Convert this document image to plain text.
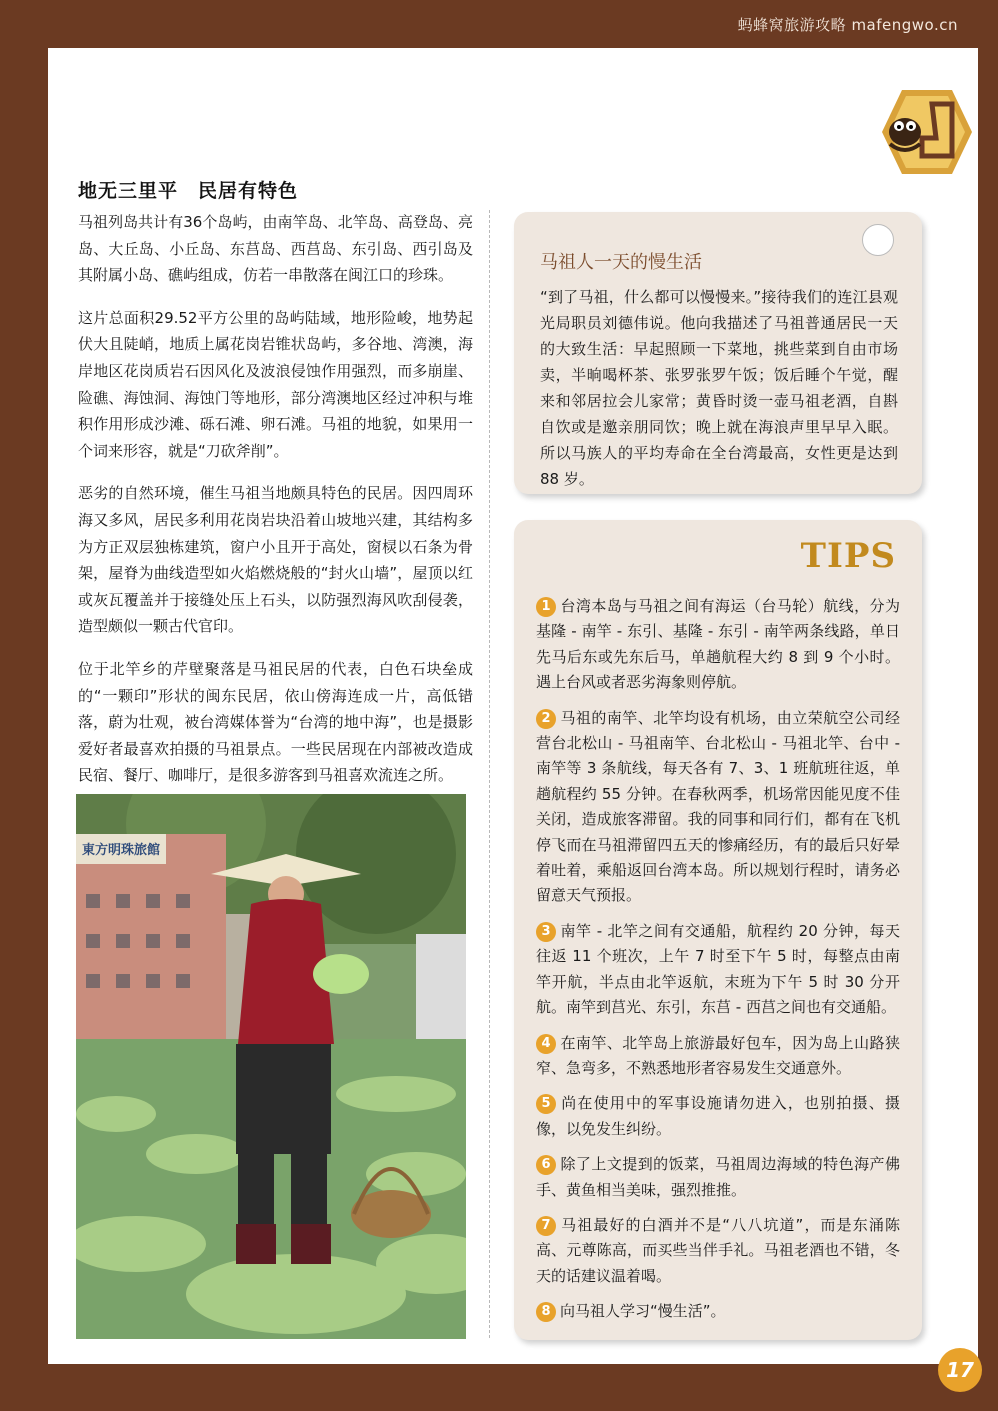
蚂蜂窝旅游攻略 mafengwo.cn
地无三里平　民居有特色

马祖列岛共计有36个岛屿，由南竿岛、北竿岛、高登岛、亮岛、大丘岛、小丘岛、东莒岛、西莒岛、东引岛、西引岛及其附属小岛、礁屿组成，仿若一串散落在闽江口的珍珠。

这片总面积29.52平方公里的岛屿陆域，地形险峻，地势起伏大且陡峭，地质上属花岗岩锥状岛屿，多谷地、湾澳，海岸地区花岗质岩石因风化及波浪侵蚀作用强烈，而多崩崖、险礁、海蚀洞、海蚀门等地形，部分湾澳地区经过冲积与堆积作用形成沙滩、砾石滩、卵石滩。马祖的地貌，如果用一个词来形容，就是“刀砍斧削”。

恶劣的自然环境，催生马祖当地颇具特色的民居。因四周环海又多风，居民多利用花岗岩块沿着山坡地兴建，其结构多为方正双层独栋建筑，窗户小且开于高处，窗棂以石条为骨架，屋脊为曲线造型如火焰燃烧般的“封火山墙”，屋顶以红或灰瓦覆盖并于接缝处压上石头，以防强烈海风吹刮侵袭，造型颇似一颗古代官印。

位于北竿乡的芹壁聚落是马祖民居的代表，白色石块垒成的“一颗印”形状的闽东民居，依山傍海连成一片，高低错落，蔚为壮观，被台湾媒体誉为“台湾的地中海”，也是摄影爱好者最喜欢拍摄的马祖景点。一些民居现在内部被改造成民宿、餐厅、咖啡厅，是很多游客到马祖喜欢流连之所。

東方明珠旅館
马祖人一天的慢生活

“到了马祖，什么都可以慢慢来。”接待我们的连江县观光局职员刘德伟说。他向我描述了马祖普通居民一天的大致生活：早起照顾一下菜地，挑些菜到自由市场卖，半晌喝杯茶、张罗张罗午饭；饭后睡个午觉，醒来和邻居拉会儿家常；黄昏时烫一壶马祖老酒，自斟自饮或是邀亲朋同饮；晚上就在海浪声里早早入眠。所以马族人的平均寿命在全台湾最高，女性更是达到 88 岁。

TIPS

1 台湾本岛与马祖之间有海运（台马轮）航线，分为基隆 - 南竿 - 东引、基隆 - 东引 - 南竿两条线路，单日先马后东或先东后马，单趟航程大约 8 到 9 个小时。遇上台风或者恶劣海象则停航。

2 马祖的南竿、北竿均设有机场，由立荣航空公司经营台北松山 - 马祖南竿、台北松山 - 马祖北竿、台中 - 南竿等 3 条航线，每天各有 7、3、1 班航班往返，单趟航程约 55 分钟。在春秋两季，机场常因能见度不佳关闭，造成旅客滞留。我的同事和同行们，都有在飞机停飞而在马祖滞留四五天的惨痛经历，有的最后只好晕着吐着，乘船返回台湾本岛。所以规划行程时，请务必留意天气预报。

3 南竿 - 北竿之间有交通船，航程约 20 分钟，每天往返 11 个班次，上午 7 时至下午 5 时，每整点由南竿开航，半点由北竿返航，末班为下午 5 时 30 分开航。南竿到莒光、东引，东莒 - 西莒之间也有交通船。

4 在南竿、北竿岛上旅游最好包车，因为岛上山路狭窄、急弯多，不熟悉地形者容易发生交通意外。

5 尚在使用中的军事设施请勿进入，也别拍摄、摄像，以免发生纠纷。

6 除了上文提到的饭菜，马祖周边海域的特色海产佛手、黄鱼相当美味，强烈推推。

7 马祖最好的白酒并不是“八八坑道”，而是东涌陈高、元尊陈高，而买些当伴手礼。马祖老酒也不错，冬天的话建议温着喝。

8 向马祖人学习“慢生活”。

17
